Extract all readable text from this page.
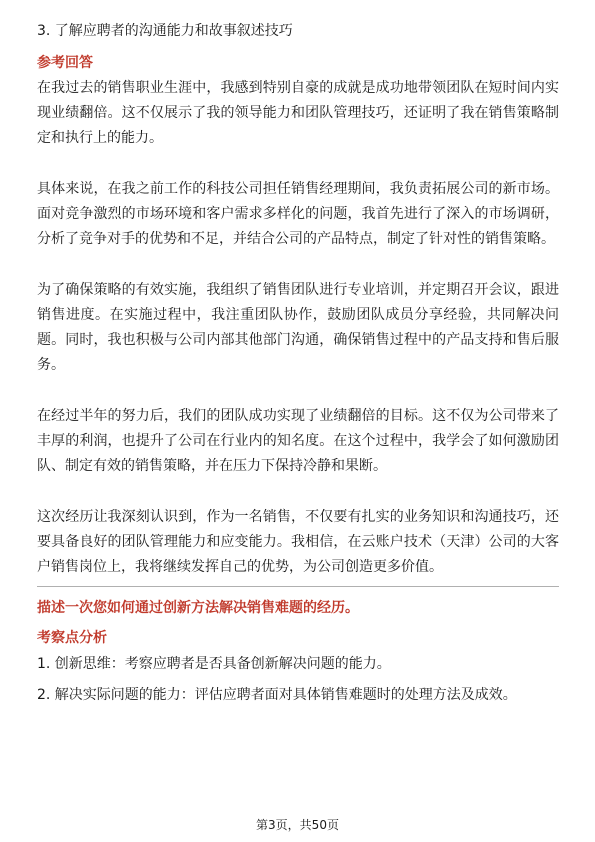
3. 了解应聘者的沟通能力和故事叙述技巧

参考回答

在我过去的销售职业生涯中，我感到特别自豪的成就是成功地带领团队在短时间内实现业绩翻倍。这不仅展示了我的领导能力和团队管理技巧，还证明了我在销售策略制定和执行上的能力。

具体来说，在我之前工作的科技公司担任销售经理期间，我负责拓展公司的新市场。面对竞争激烈的市场环境和客户需求多样化的问题，我首先进行了深入的市场调研，分析了竞争对手的优势和不足，并结合公司的产品特点，制定了针对性的销售策略。

为了确保策略的有效实施，我组织了销售团队进行专业培训，并定期召开会议，跟进销售进度。在实施过程中，我注重团队协作，鼓励团队成员分享经验，共同解决问题。同时，我也积极与公司内部其他部门沟通，确保销售过程中的产品支持和售后服务。

在经过半年的努力后，我们的团队成功实现了业绩翻倍的目标。这不仅为公司带来了丰厚的利润，也提升了公司在行业内的知名度。在这个过程中，我学会了如何激励团队、制定有效的销售策略，并在压力下保持冷静和果断。

这次经历让我深刻认识到，作为一名销售，不仅要有扎实的业务知识和沟通技巧，还要具备良好的团队管理能力和应变能力。我相信，在云账户技术（天津）公司的大客户销售岗位上，我将继续发挥自己的优势，为公司创造更多价值。

描述一次您如何通过创新方法解决销售难题的经历。

考察点分析

1. 创新思维：考察应聘者是否具备创新解决问题的能力。

2. 解决实际问题的能力：评估应聘者面对具体销售难题时的处理方法及成效。

第3页，共50页
